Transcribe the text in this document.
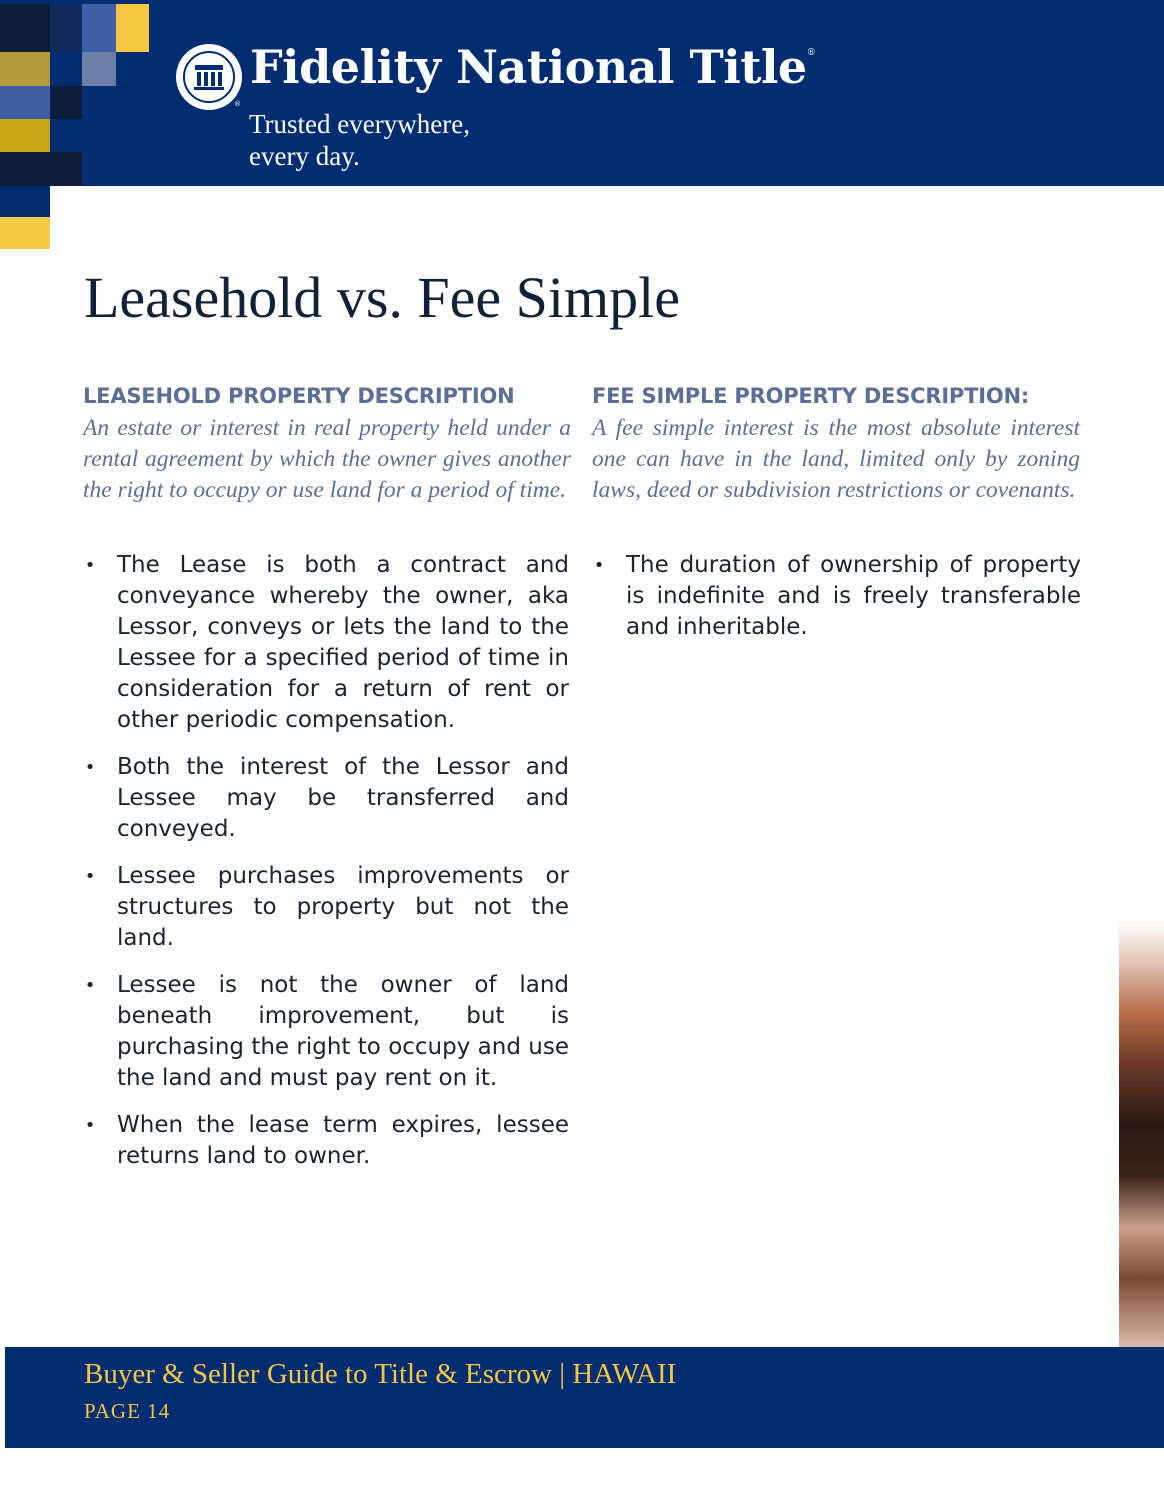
®
Fidelity National Title®
Trusted everywhere,
every day.
Leasehold vs. Fee Simple
LEASEHOLD PROPERTY DESCRIPTION

An estate or interest in real property held under a rental agreement by which the owner gives another the right to occupy or use land for a period of time.

FEE SIMPLE PROPERTY DESCRIPTION:

A fee simple interest is the most absolute interest one can have in the land, limited only by zoning laws, deed or subdivision restrictions or covenants.

• The Lease is both a contract and conveyance whereby the owner, aka Lessor, conveys or lets the land to the Lessee for a specified period of time in consideration for a return of rent or other periodic compensation.
• Both the interest of the Lessor and Lessee may be transferred and conveyed.
• Lessee purchases improvements or structures to property but not the land.
• Lessee is not the owner of land beneath improvement, but is purchasing the right to occupy and use the land and must pay rent on it.
• When the lease term expires, lessee returns land to owner.
• The duration of ownership of property is indefinite and is freely transferable and inheritable.
Buyer & Seller Guide to Title & Escrow | HAWAII
PAGE 14
